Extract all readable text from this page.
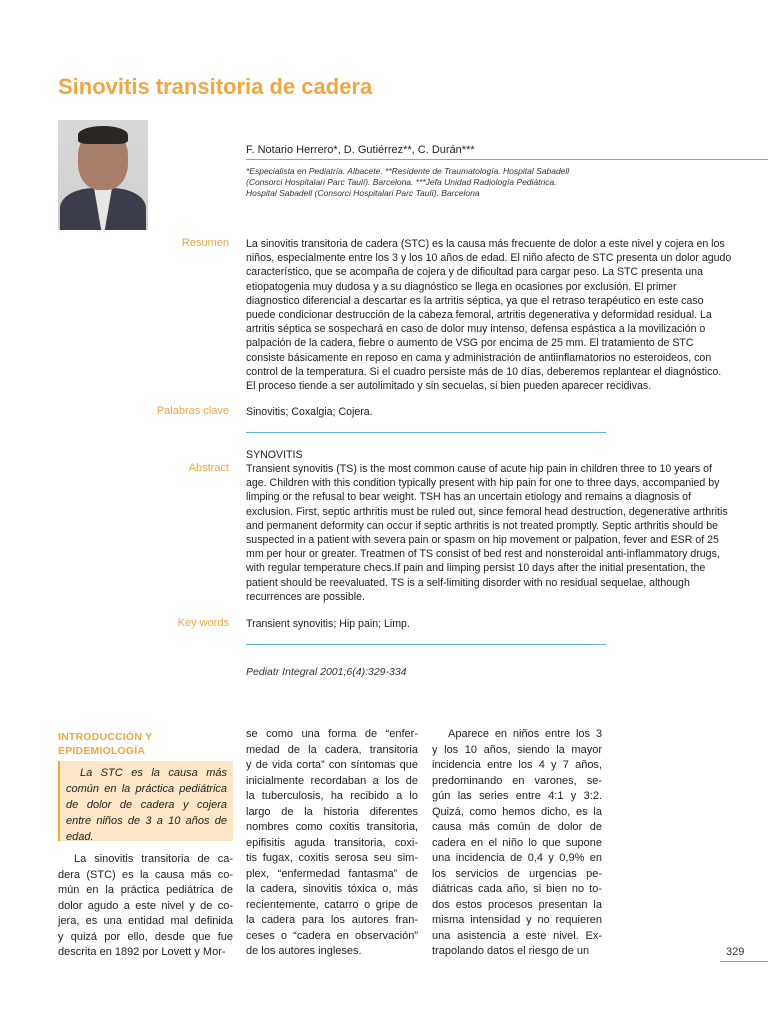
Sinovitis transitoria de cadera
F. Notario Herrero*, D. Gutiérrez**, C. Durán***
*Especialista en Pediatría. Albacete. **Residente de Traumatología. Hospital Sabadell
(Consorci Hospitalari Parc Taulí). Barcelona. ***Jefa Unidad Radiología Pediátrica.
Hospital Sabadell (Consorci Hospitalari Parc Taulí). Barcelona
Resumen La sinovitis transitoria de cadera (STC) es la causa más frecuente de dolor a este nivel y cojera en los niños, especialmente entre los 3 y los 10 años de edad. El niño afecto de STC presenta un dolor agudo característico, que se acompaña de cojera y de dificultad para cargar peso. La STC presenta una etiopatogenia muy dudosa y a su diagnóstico se llega en ocasiones por exclusión. El primer diagnostico diferencial a descartar es la artritis séptica, ya que el retraso terapéutico en este caso puede condicionar destrucción de la cabeza femoral, artritis degenerativa y deformidad residual. La artritis séptica se sospechará en caso de dolor muy intenso, defensa espástica a la movilización o palpación de la cadera, fiebre o aumento de VSG por encima de 25 mm. El tratamiento de STC consiste básicamente en reposo en cama y administración de antiinflamatorios no esteroideos, con control de la temperatura. Si el cuadro persiste más de 10 días, deberemos replantear el diagnóstico. El proceso tiende a ser autolimitado y sin secuelas, si bien pueden aparecer recidivas.

Palabras clave Sinovitis; Coxalgia; Cojera.

SYNOVITIS

Abstract Transient synovitis (TS) is the most common cause of acute hip pain in children three to 10 years of age. Children with this condition typically present with hip pain for one to three days, accompanied by limping or the refusal to bear weight. TSH has an uncertain etiology and remains a diagnosis of exclusion. First, septic arthritis must be ruled out, since femoral head destruction, degenerative arthritis and permanent deformity can occur if septic arthritis is not treated promptly. Septic arthritis should be suspected in a patient with severa pain or spasm on hip movement or palpation, fever and ESR of 25 mm per hour or greater. Treatmen of TS consist of bed rest and nonsteroidal anti-inflammatory drugs, with regular temperature checs.If pain and limping persist 10 days after the initial presentation, the patient should be reevaluated. TS is a self-limiting disorder with no residual sequelae, although recurrences are possible.

Key words Transient synovitis; Hip pain; Limp.

Pediatr Integral 2001;6(4):329-334
INTRODUCCIÓN Y
EPIDEMIOLOGÍA
La STC es la causa más común en la práctica pediátrica de dolor de cadera y cojera entre niños de 3 a 10 años de edad.
La sinovitis transitoria de ca-
dera (STC) es la causa más co-
mún en la práctica pediátrica de
dolor agudo a este nivel y de co-
jera, es una entidad mal definida
y quizá por ello, desde que fue
descrita en 1892 por Lovett y Mor-
se como una forma de “enfer-
medad de la cadera, transitoria
y de vida corta” con síntomas que
inicialmente recordaban a los de
la tuberculosis, ha recibido a lo
largo de la historia diferentes
nombres como coxitis transitoria,
epifisitis aguda transitoria, coxi-
tis fugax, coxitis serosa seu sim-
plex, “enfermedad fantasma” de
la cadera, sinovitis tóxica o, más
recientemente, catarro o gripe de
la cadera para los autores fran-
ceses o “cadera en observación”
de los autores ingleses.
Aparece en niños entre los 3
y los 10 años, siendo la mayor
incidencia entre los 4 y 7 años,
predominando en varones, se-
gún las series entre 4:1 y 3:2.
Quizá, como hemos dicho, es la
causa más común de dolor de
cadera en el niño lo que supone
una incidencia de 0,4 y 0,9% en
los servicios de urgencias pe-
diátricas cada año, si bien no to-
dos estos procesos presentan la
misma intensidad y no requieren
una asistencia a este nivel. Ex-
trapolando datos el riesgo de un	329
